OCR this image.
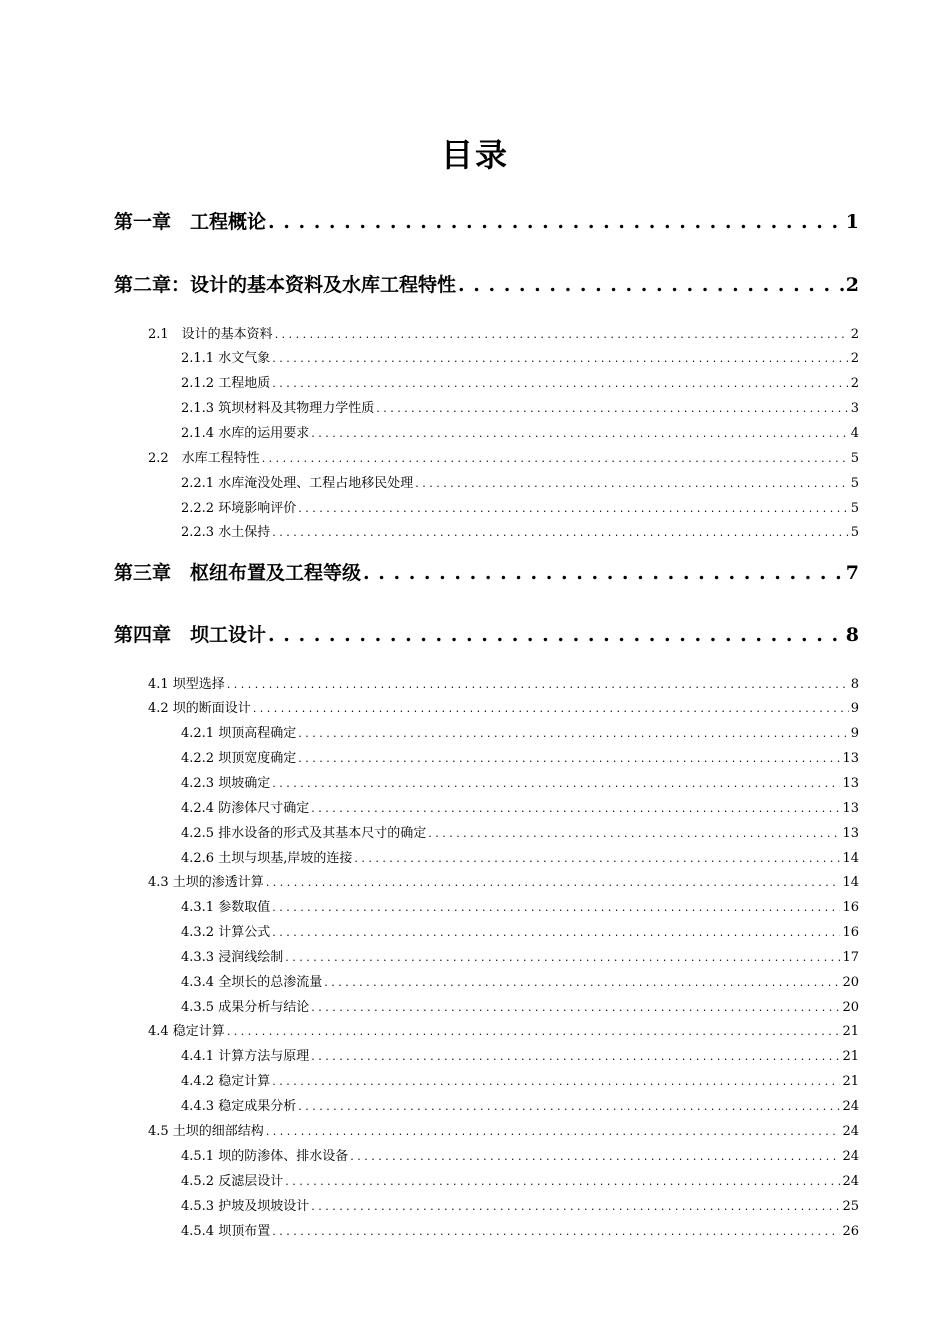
目录
第一章　工程概论 . . .	1
第二章：设计的基本资料及水库工程特性 . . .	2
2.1　设计的基本资料 . . .	2
2.1.1 水文气象 . . .	2
2.1.2 工程地质 . . .	2
2.1.3 筑坝材料及其物理力学性质 . . .	3
2.1.4 水库的运用要求 . . .	4
2.2　水库工程特性 . . .	5
2.2.1 水库淹没处理、工程占地移民处理 . . .	5
2.2.2 环境影响评价 . . .	5
2.2.3 水土保持 . . .	5
第三章　枢纽布置及工程等级 . . .	7
第四章　坝工设计 . . .	8
4.1 坝型选择 . . .	8
4.2 坝的断面设计 . . .	9
4.2.1 坝顶高程确定 . . .	9
4.2.2 坝顶宽度确定 . . .	13
4.2.3 坝坡确定 . . .	13
4.2.4 防渗体尺寸确定 . . .	13
4.2.5 排水设备的形式及其基本尺寸的确定 . . .	13
4.2.6 土坝与坝基,岸坡的连接 . . .	14
4.3 土坝的渗透计算 . . .	14
4.3.1 参数取值 . . .	16
4.3.2 计算公式 . . .	16
4.3.3 浸润线绘制 . . .	17
4.3.4 全坝长的总渗流量 . . .	20
4.3.5 成果分析与结论 . . .	20
4.4 稳定计算 . . .	21
4.4.1 计算方法与原理 . . .	21
4.4.2 稳定计算 . . .	21
4.4.3 稳定成果分析 . . .	24
4.5 土坝的细部结构 . . .	24
4.5.1 坝的防渗体、排水设备 . . .	24
4.5.2 反滤层设计 . . .	24
4.5.3 护坡及坝坡设计 . . .	25
4.5.4 坝顶布置 . . .	26
